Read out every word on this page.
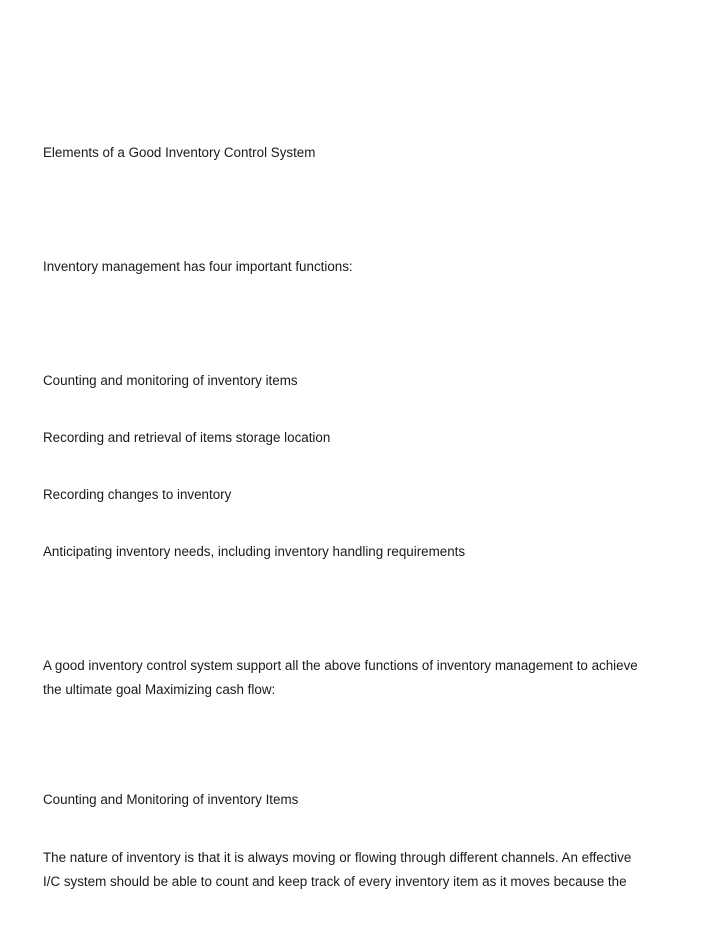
Elements of a Good Inventory Control System

Inventory management has four important functions:

Counting and monitoring of inventory items

Recording and retrieval of items storage location

Recording changes to inventory

Anticipating inventory needs, including inventory handling requirements

A good inventory control system support all the above functions of inventory management to achieve
the ultimate goal Maximizing cash flow:

Counting and Monitoring of inventory Items

The nature of inventory is that it is always moving or flowing through different channels. An effective
I/C system should be able to count and keep track of every inventory item as it moves because the
